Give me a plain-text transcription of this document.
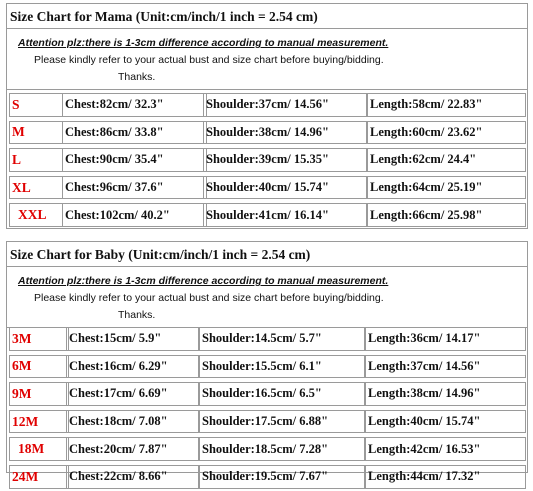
Size Chart for Mama (Unit:cm/inch/1 inch = 2.54 cm)
Attention plz:there is 1-3cm difference according to manual measurement.
Please kindly refer to your actual bust and size chart before buying/bidding.
Thanks.
S	Chest:82cm/ 32.3"	Shoulder:37cm/ 14.56"	Length:58cm/ 22.83"
M	Chest:86cm/ 33.8"	Shoulder:38cm/ 14.96"	Length:60cm/ 23.62"
L	Chest:90cm/ 35.4"	Shoulder:39cm/ 15.35"	Length:62cm/ 24.4"
XL	Chest:96cm/ 37.6"	Shoulder:40cm/ 15.74"	Length:64cm/ 25.19"
XXL	Chest:102cm/ 40.2"	Shoulder:41cm/ 16.14"	Length:66cm/ 25.98"
Size Chart for Baby (Unit:cm/inch/1 inch = 2.54 cm)
Attention plz:there is 1-3cm difference according to manual measurement.
Please kindly refer to your actual bust and size chart before buying/bidding.
Thanks.
3M	Chest:15cm/ 5.9"	Shoulder:14.5cm/ 5.7"	Length:36cm/ 14.17"
6M	Chest:16cm/ 6.29"	Shoulder:15.5cm/ 6.1"	Length:37cm/ 14.56"
9M	Chest:17cm/ 6.69"	Shoulder:16.5cm/ 6.5"	Length:38cm/ 14.96"
12M	Chest:18cm/ 7.08"	Shoulder:17.5cm/ 6.88"	Length:40cm/ 15.74"
18M	Chest:20cm/ 7.87"	Shoulder:18.5cm/ 7.28"	Length:42cm/ 16.53"
24M	Chest:22cm/ 8.66"	Shoulder:19.5cm/ 7.67"	Length:44cm/ 17.32"
